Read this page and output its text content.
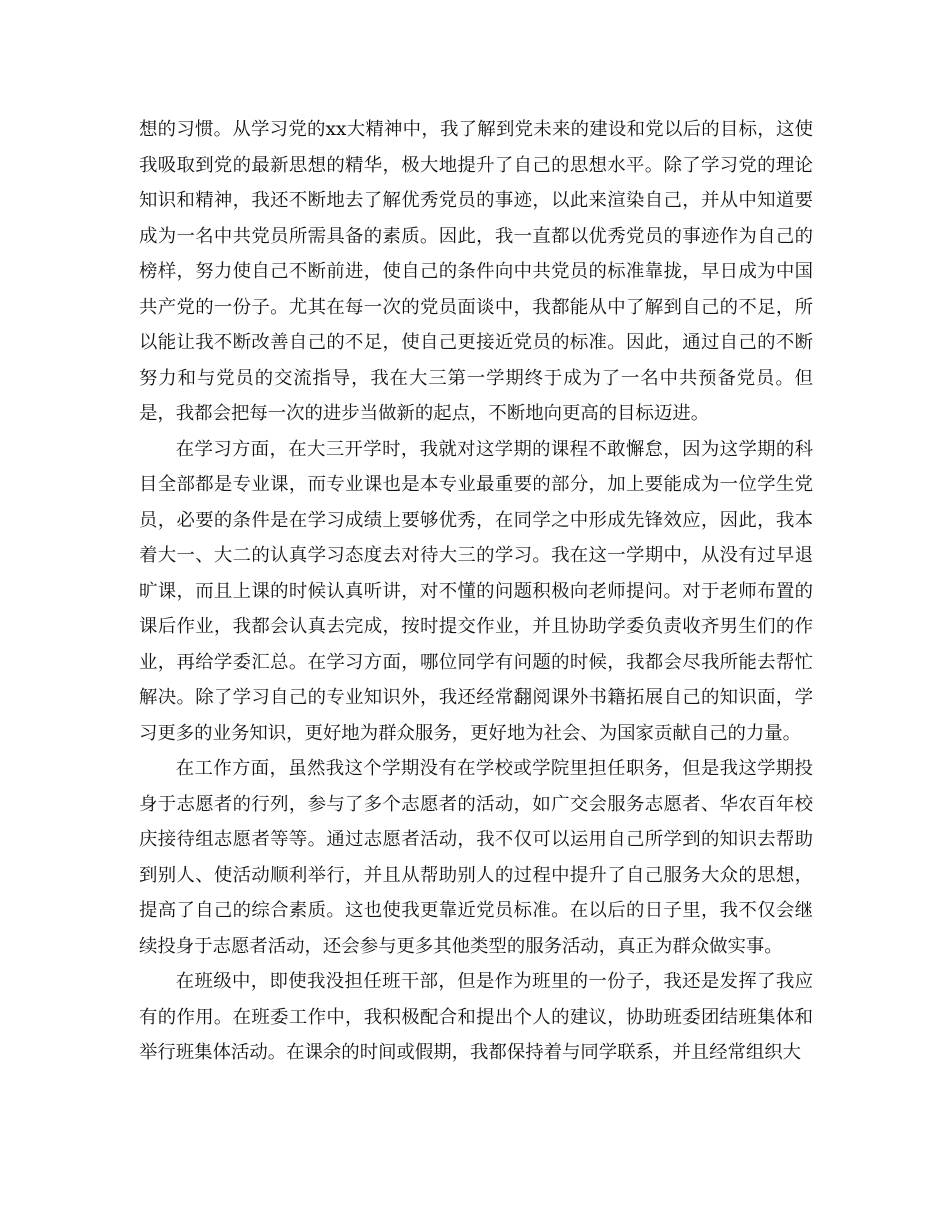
想的习惯。从学习党的xx大精神中，我了解到党未来的建设和党以后的目标，这使我吸取到党的最新思想的精华，极大地提升了自己的思想水平。除了学习党的理论知识和精神，我还不断地去了解优秀党员的事迹，以此来渲染自己，并从中知道要成为一名中共党员所需具备的素质。因此，我一直都以优秀党员的事迹作为自己的榜样，努力使自己不断前进，使自己的条件向中共党员的标准靠拢，早日成为中国共产党的一份子。尤其在每一次的党员面谈中，我都能从中了解到自己的不足，所以能让我不断改善自己的不足，使自己更接近党员的标准。因此，通过自己的不断努力和与党员的交流指导，我在大三第一学期终于成为了一名中共预备党员。但是，我都会把每一次的进步当做新的起点，不断地向更高的目标迈进。

在学习方面，在大三开学时，我就对这学期的课程不敢懈怠，因为这学期的科目全部都是专业课，而专业课也是本专业最重要的部分，加上要能成为一位学生党员，必要的条件是在学习成绩上要够优秀，在同学之中形成先锋效应，因此，我本着大一、大二的认真学习态度去对待大三的学习。我在这一学期中，从没有过早退旷课，而且上课的时候认真听讲，对不懂的问题积极向老师提问。对于老师布置的课后作业，我都会认真去完成，按时提交作业，并且协助学委负责收齐男生们的作业，再给学委汇总。在学习方面，哪位同学有问题的时候，我都会尽我所能去帮忙解决。除了学习自己的专业知识外，我还经常翻阅课外书籍拓展自己的知识面，学习更多的业务知识，更好地为群众服务，更好地为社会、为国家贡献自己的力量。

在工作方面，虽然我这个学期没有在学校或学院里担任职务，但是我这学期投身于志愿者的行列，参与了多个志愿者的活动，如广交会服务志愿者、华农百年校庆接待组志愿者等等。通过志愿者活动，我不仅可以运用自己所学到的知识去帮助到别人、使活动顺利举行，并且从帮助别人的过程中提升了自己服务大众的思想，提高了自己的综合素质。这也使我更靠近党员标准。在以后的日子里，我不仅会继续投身于志愿者活动，还会参与更多其他类型的服务活动，真正为群众做实事。

在班级中，即使我没担任班干部，但是作为班里的一份子，我还是发挥了我应有的作用。在班委工作中，我积极配合和提出个人的建议，协助班委团结班集体和举行班集体活动。在课余的时间或假期，我都保持着与同学联系，并且经常组织大
